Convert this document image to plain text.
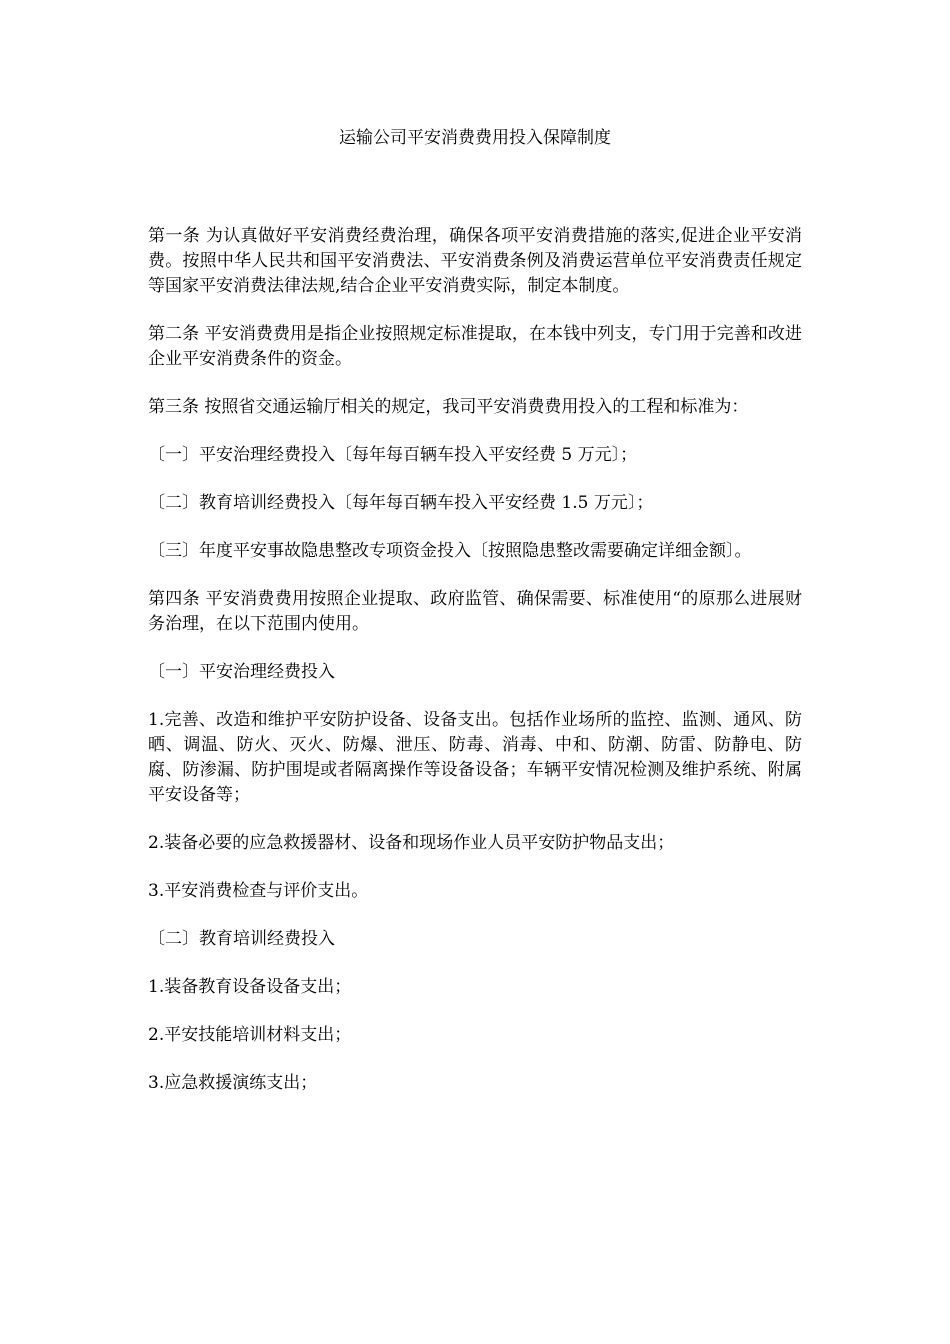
运输公司平安消费费用投入保障制度

第一条 为认真做好平安消费经费治理，确保各项平安消费措施的落实,促进企业平安消费。按照中华人民共和国平安消费法、平安消费条例及消费运营单位平安消费责任规定等国家平安消费法律法规,结合企业平安消费实际，制定本制度。

第二条 平安消费费用是指企业按照规定标准提取，在本钱中列支，专门用于完善和改进企业平安消费条件的资金。

第三条 按照省交通运输厅相关的规定，我司平安消费费用投入的工程和标准为：

〔一〕平安治理经费投入〔每年每百辆车投入平安经费 5 万元〕；

〔二〕教育培训经费投入〔每年每百辆车投入平安经费 1.5 万元〕；

〔三〕年度平安事故隐患整改专项资金投入〔按照隐患整改需要确定详细金额〕。

第四条 平安消费费用按照企业提取、政府监管、确保需要、标准使用“的原那么进展财务治理，在以下范围内使用。

〔一〕平安治理经费投入

1.完善、改造和维护平安防护设备、设备支出。包括作业场所的监控、监测、通风、防晒、调温、防火、灭火、防爆、泄压、防毒、消毒、中和、防潮、防雷、防静电、防腐、防渗漏、防护围堤或者隔离操作等设备设备；车辆平安情况检测及维护系统、附属平安设备等；

2.装备必要的应急救援器材、设备和现场作业人员平安防护物品支出；

3.平安消费检查与评价支出。

〔二〕教育培训经费投入

1.装备教育设备设备支出；

2.平安技能培训材料支出；

3.应急救援演练支出；
